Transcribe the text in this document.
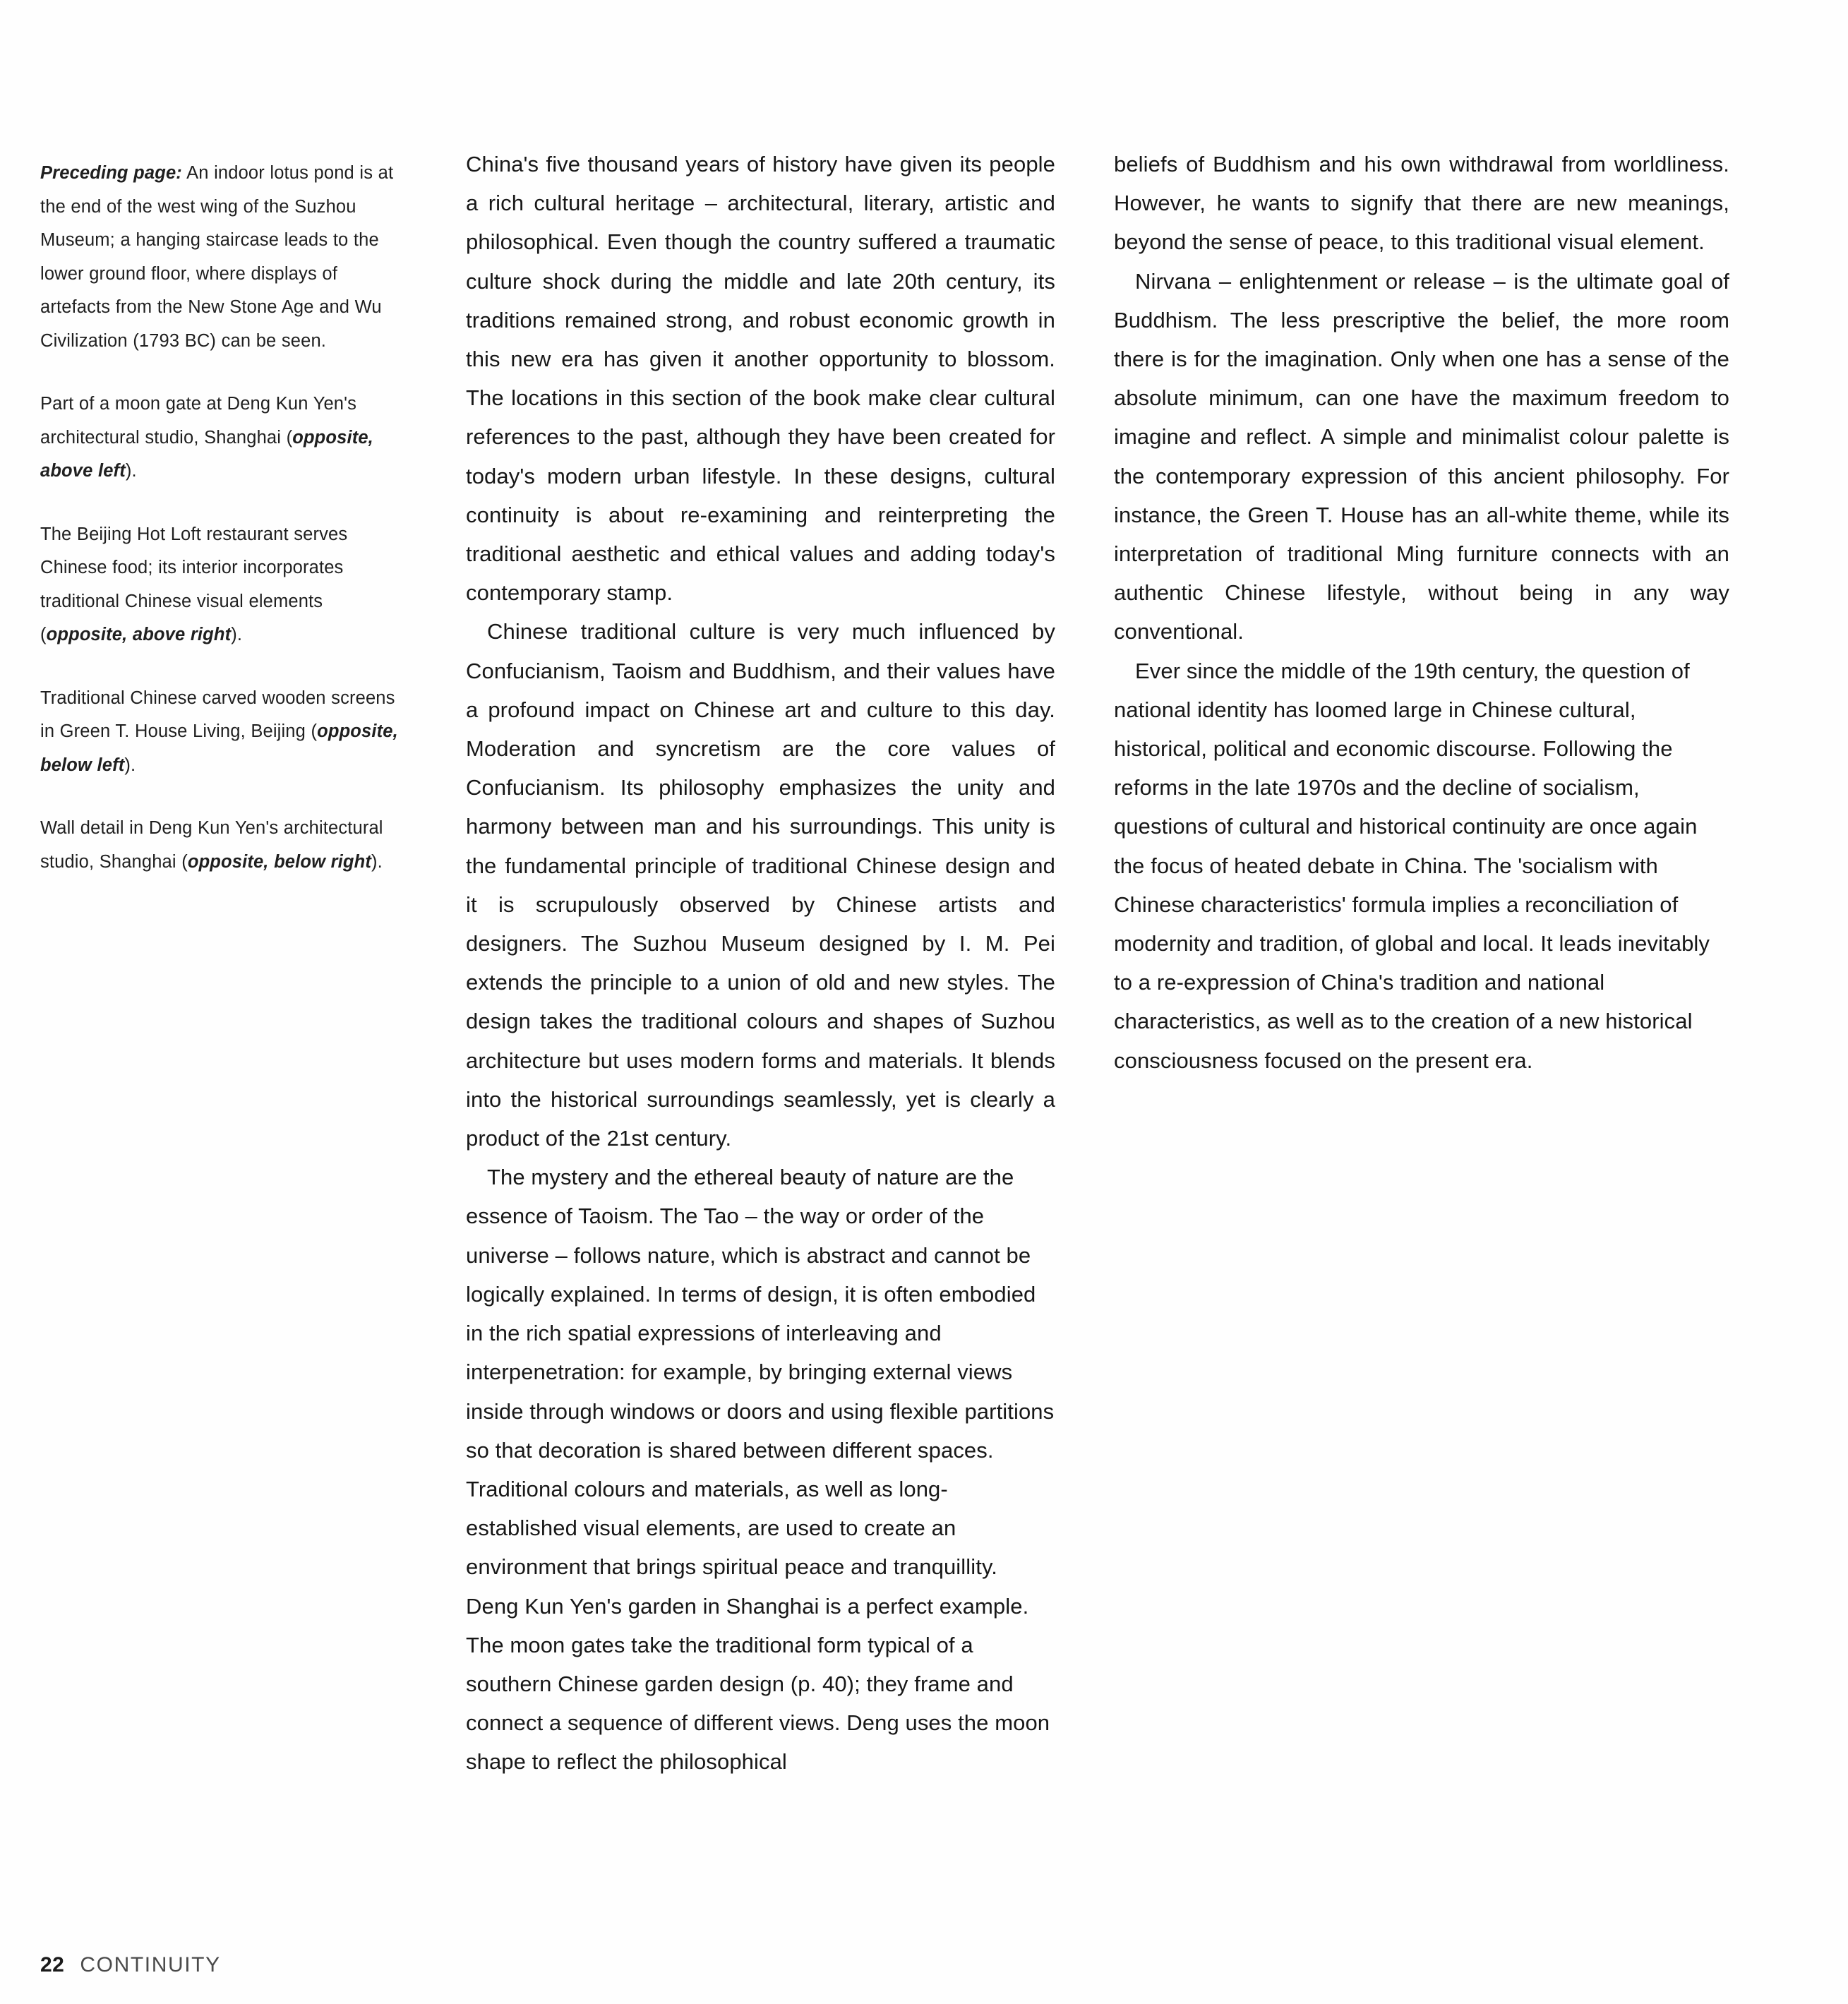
Preceding page: An indoor lotus pond is at the end of the west wing of the Suzhou Museum; a hanging staircase leads to the lower ground floor, where displays of artefacts from the New Stone Age and Wu Civilization (1793 BC) can be seen.
Part of a moon gate at Deng Kun Yen's architectural studio, Shanghai (opposite, above left).
The Beijing Hot Loft restaurant serves Chinese food; its interior incorporates traditional Chinese visual elements (opposite, above right).
Traditional Chinese carved wooden screens in Green T. House Living, Beijing (opposite, below left).
Wall detail in Deng Kun Yen's architectural studio, Shanghai (opposite, below right).

China's five thousand years of history have given its people a rich cultural heritage – architectural, literary, artistic and philosophical. Even though the country suffered a traumatic culture shock during the middle and late 20th century, its traditions remained strong, and robust economic growth in this new era has given it another opportunity to blossom. The locations in this section of the book make clear cultural references to the past, although they have been created for today's modern urban lifestyle. In these designs, cultural continuity is about re-examining and reinterpreting the traditional aesthetic and ethical values and adding today's contemporary stamp.

Chinese traditional culture is very much influenced by Confucianism, Taoism and Buddhism, and their values have a profound impact on Chinese art and culture to this day. Moderation and syncretism are the core values of Confucianism. Its philosophy emphasizes the unity and harmony between man and his surroundings. This unity is the fundamental principle of traditional Chinese design and it is scrupulously observed by Chinese artists and designers. The Suzhou Museum designed by I. M. Pei extends the principle to a union of old and new styles. The design takes the traditional colours and shapes of Suzhou architecture but uses modern forms and materials. It blends into the historical surroundings seamlessly, yet is clearly a product of the 21st century.

The mystery and the ethereal beauty of nature are the essence of Taoism. The Tao – the way or order of the universe – follows nature, which is abstract and cannot be logically explained. In terms of design, it is often embodied in the rich spatial expressions of interleaving and interpenetration: for example, by bringing external views inside through windows or doors and using flexible partitions so that decoration is shared between different spaces. Traditional colours and materials, as well as long-established visual elements, are used to create an environment that brings spiritual peace and tranquillity. Deng Kun Yen's garden in Shanghai is a perfect example. The moon gates take the traditional form typical of a southern Chinese garden design (p. 40); they frame and connect a sequence of different views. Deng uses the moon shape to reflect the philosophical

beliefs of Buddhism and his own withdrawal from worldliness. However, he wants to signify that there are new meanings, beyond the sense of peace, to this traditional visual element.

Nirvana – enlightenment or release – is the ultimate goal of Buddhism. The less prescriptive the belief, the more room there is for the imagination. Only when one has a sense of the absolute minimum, can one have the maximum freedom to imagine and reflect. A simple and minimalist colour palette is the contemporary expression of this ancient philosophy. For instance, the Green T. House has an all-white theme, while its interpretation of traditional Ming furniture connects with an authentic Chinese lifestyle, without being in any way conventional.

Ever since the middle of the 19th century, the question of national identity has loomed large in Chinese cultural, historical, political and economic discourse. Following the reforms in the late 1970s and the decline of socialism, questions of cultural and historical continuity are once again the focus of heated debate in China. The 'socialism with Chinese characteristics' formula implies a reconciliation of modernity and tradition, of global and local. It leads inevitably to a re-expression of China's tradition and national characteristics, as well as to the creation of a new historical consciousness focused on the present era.

22 CONTINUITY
